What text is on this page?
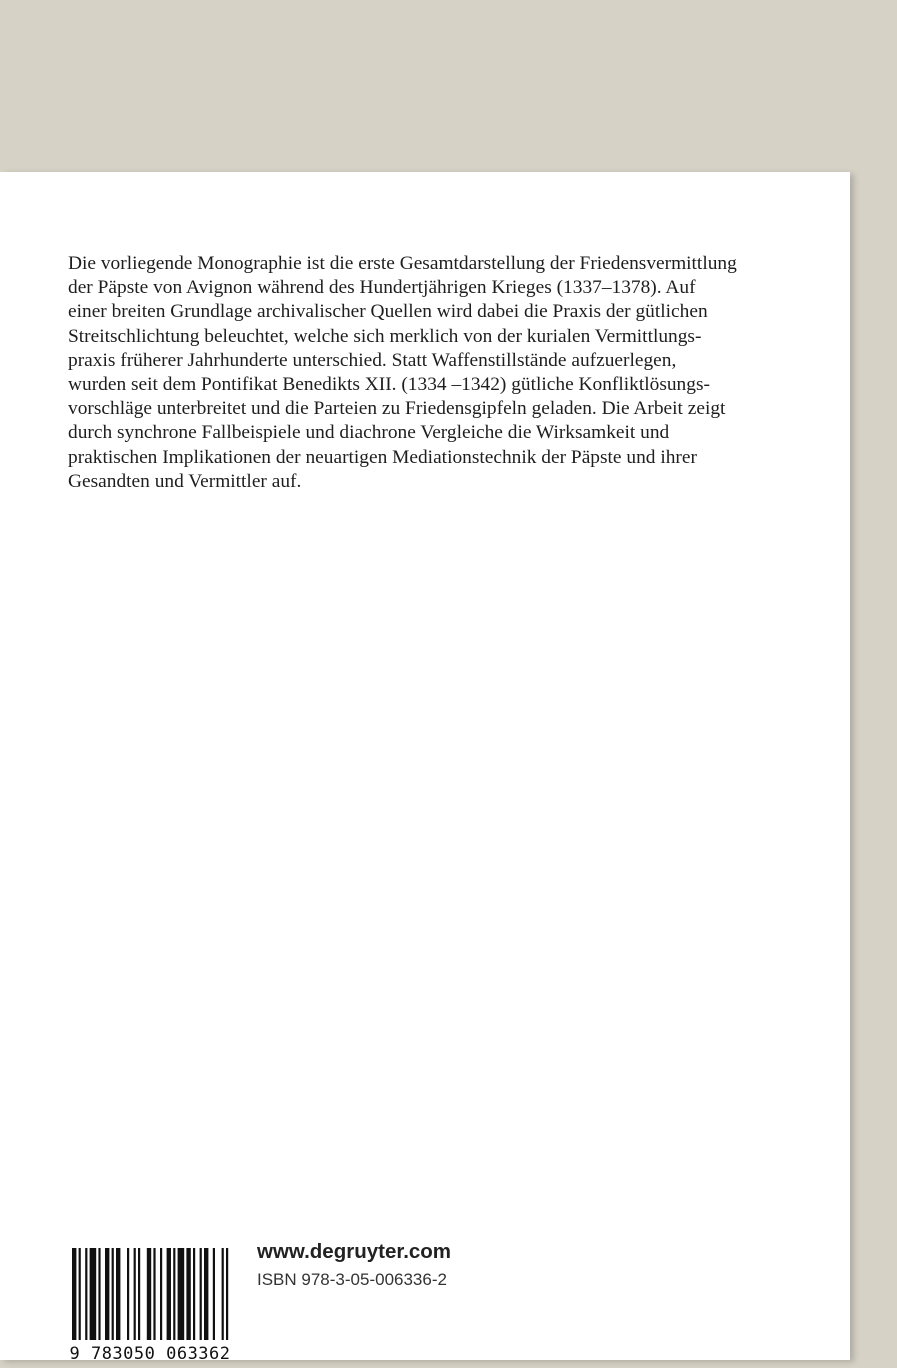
Die vorliegende Monographie ist die erste Gesamtdarstellung der Friedensvermittlung
der Päpste von Avignon während des Hundertjährigen Krieges (1337–1378). Auf
einer breiten Grundlage archivalischer Quellen wird dabei die Praxis der gütlichen
Streitschlichtung beleuchtet, welche sich merklich von der kurialen Vermittlungs-
praxis früherer Jahrhunderte unterschied. Statt Waffenstillstände aufzuerlegen,
wurden seit dem Pontifikat Benedikts XII. (1334 –1342) gütliche Konfliktlösungs-
vorschläge unterbreitet und die Parteien zu Friedensgipfeln geladen. Die Arbeit zeigt
durch synchrone Fallbeispiele und diachrone Vergleiche die Wirksamkeit und
praktischen Implikationen der neuartigen Mediationstechnik der Päpste und ihrer
Gesandten und Vermittler auf.

9 783050 063362
www.degruyter.com
ISBN 978-3-05-006336-2
